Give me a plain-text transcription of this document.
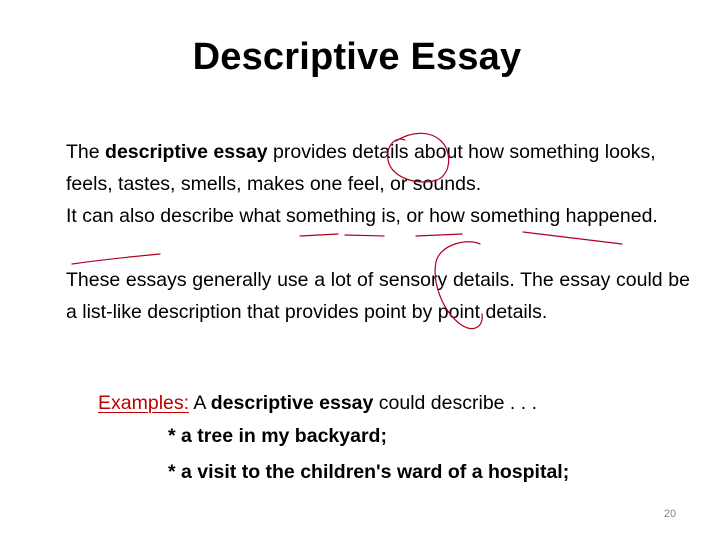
Descriptive Essay
The descriptive essay provides details about how something looks, feels, tastes, smells, makes one feel, or sounds.
It can also describe what something is, or how something happened.
These essays generally use a lot of sensory details. The essay could be a list-like description that provides point by point details.
Examples: A descriptive essay could describe . . .
* a tree in my backyard;
* a visit to the children's ward of a hospital;
20
